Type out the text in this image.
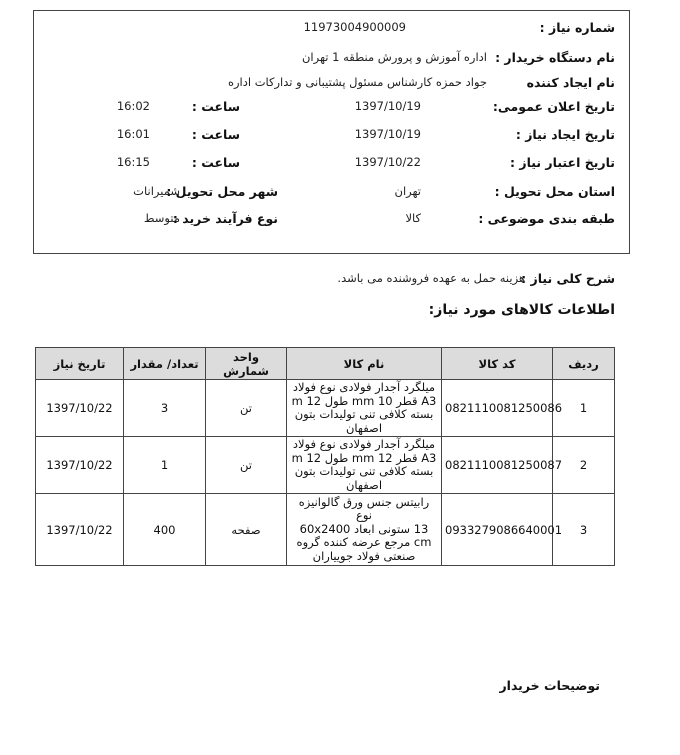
شماره نیاز :
11973004900009
نام دستگاه خریدار :
اداره آموزش و پرورش منطقه 1 تهران
نام ایجاد کننده
جواد حمزه کارشناس مسئول پشتیبانی و تدارکات اداره
تاریخ اعلان عمومی:
1397/10/19
ساعت :
16:02
تاریخ ایجاد نیاز :
1397/10/19
ساعت :
16:01
تاریخ اعتبار نیاز :
1397/10/22
ساعت :
16:15
استان محل تحویل :
تهران
شهر محل تحویل :
شمیرانات
طبقه بندی موضوعی :
کالا
نوع فرآیند خرید :
متوسط
شرح کلی نیاز :
هزینه حمل به عهده فروشنده می باشد.
اطلاعات کالاهای مورد نیاز:
ردیف	کد کالا	نام کالا	واحد شمارش	تعداد/ مقدار	تاریخ نیاز
1	0821110081250086	میلگرد آجدار فولادی نوع فولاد
A3 قطر 10 mm طول 12 m
بسته کلافی تنی تولیدات بتون
اصفهان	تن	3	1397/10/22
2	0821110081250087	میلگرد آجدار فولادی نوع فولاد
A3 قطر 12 mm طول 12 m
بسته کلافی تنی تولیدات بتون
اصفهان	تن	1	1397/10/22
3	0933279086640001	رابیتس جنس ورق گالوانیزه نوع
13 ستونی ابعاد 60x2400
cm مرجع عرضه کننده گروه
صنعتی فولاد جوییاران	صفحه	400	1397/10/22
توضیحات خریدار
